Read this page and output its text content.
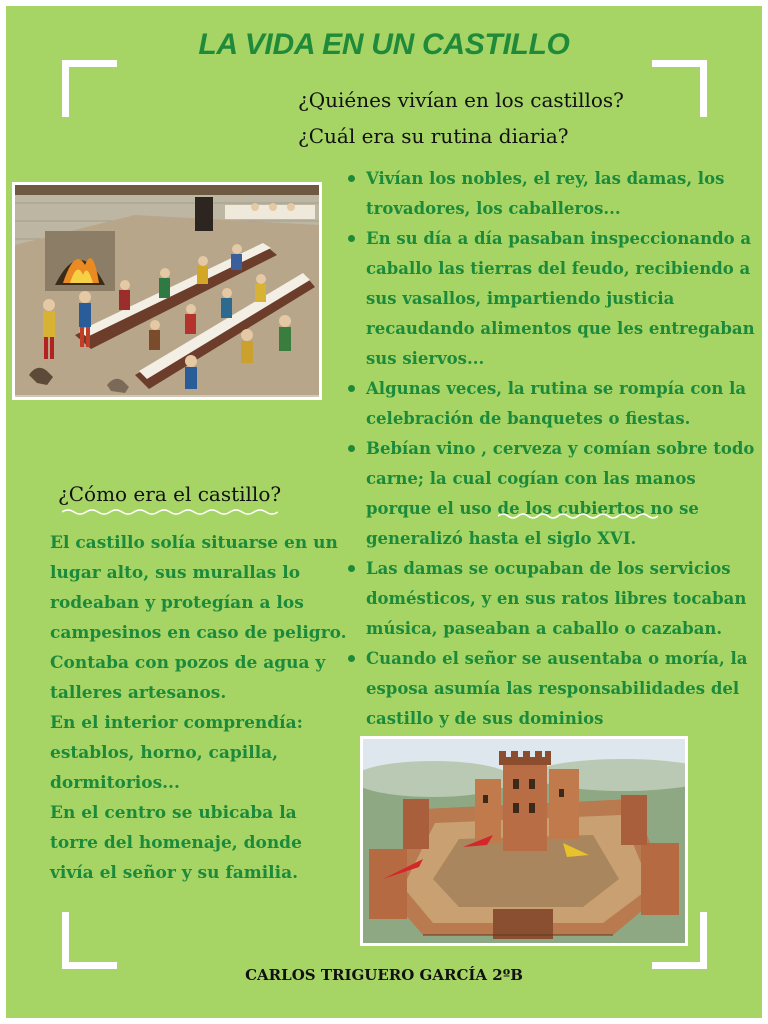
LA VIDA EN UN CASTILLO

¿Quiénes vivían en los castillos?

¿Cuál era su rutina diaria?

Vivían los nobles, el rey, las damas, los trovadores, los caballeros...
En su día a día pasaban inspeccionando a caballo las tierras del feudo, recibiendo a sus vasallos, impartiendo justicia recaudando alimentos que les entregaban sus siervos...
Algunas veces, la rutina se rompía con la celebración de banquetes o fiestas.
Bebían vino , cerveza y comían sobre todo carne; la cual cogían con las manos porque el uso de los cubiertos no se generalizó hasta el siglo XVI.
Las damas se ocupaban de los servicios domésticos, y en sus ratos libres tocaban música, paseaban a caballo o cazaban.
Cuando el señor se ausentaba o moría, la esposa asumía las responsabilidades del castillo y de sus dominios

¿Cómo era el castillo?

El castillo solía situarse en un lugar alto, sus murallas lo rodeaban y protegían a los campesinos en caso de peligro.

Contaba con pozos de agua y talleres artesanos.

En el interior comprendía: establos, horno, capilla, dormitorios...

En el centro se ubicaba la torre del homenaje, donde vivía el señor y su familia.

CARLOS TRIGUERO GARCÍA 2ºB
